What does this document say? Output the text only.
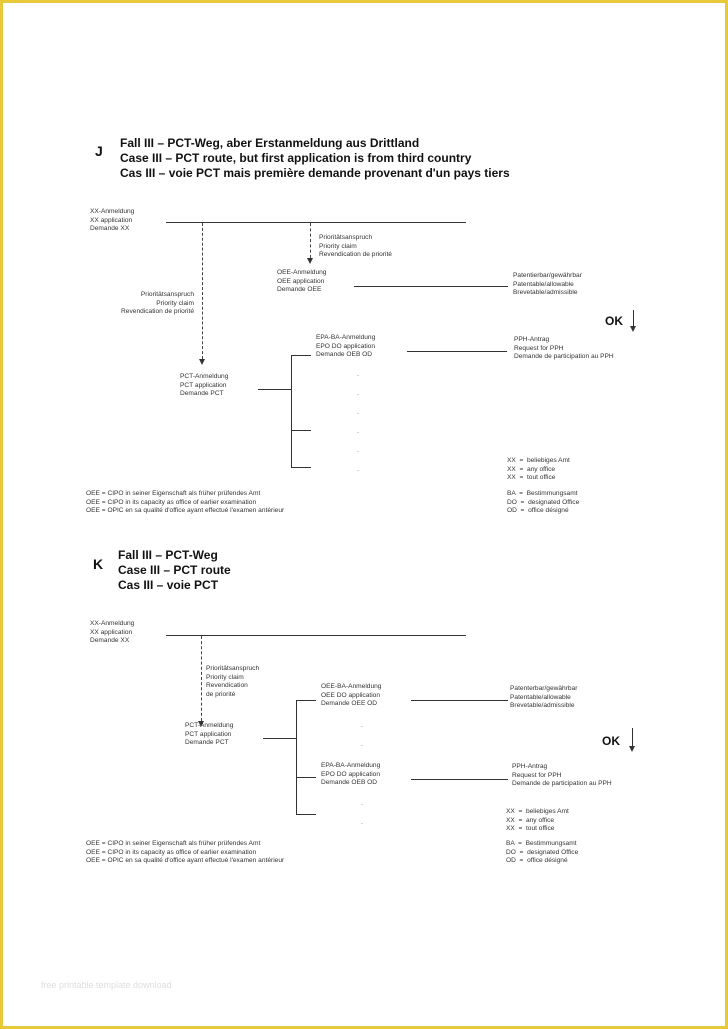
J Fall III – PCT-Weg, aber Erstanmeldung aus Drittland
Case III – PCT route, but first application is from third country
Cas III – voie PCT mais première demande provenant d'un pays tiers
XX-Anmeldung
XX application
Demande XX
Prioritätsanspruch
Priority claim
Revendication de priorité
OEE-Anmeldung
OEE application
Demande OEE
Patentierbar/gewährbar
Patentable/allowable
Brevetable/admissible
OK
Prioritätsanspruch
Priority claim
Revendication de priorité
EPA-BA-Anmeldung
EPO DO application
Demande OEB OD
PPH-Antrag
Request for PPH
Demande de participation au PPH
PCT-Anmeldung
PCT application
Demande PCT
.
.
.
.
.
.
XX  =  beliebiges Amt
XX  =  any office
XX  =  tout office
OEE = CIPO in seiner Eigenschaft als früher prüfendes Amt
OEE = CIPO in its capacity as office of earlier examination
OEE = OPIC en sa qualité d'office ayant effectué l'examen antérieur
BA  =  Bestimmungsamt
DO  =  designated Office
OD  =  office désigné
K
Fall III – PCT-Weg
Case III – PCT route
Cas III – voie PCT
XX-Anmeldung
XX application
Demande XX
Prioritätsanspruch
Priority claim
Revendication
de priorité
PCT-Anmeldung
PCT application
Demande PCT
OEE-BA-Anmeldung
OEE DO application
Demande OEE OD
Patenterbar/gewährbar
Patentable/allowable
Brevetable/admissible
OK
.
.
EPA-BA-Anmeldung
EPO DO application
Demande OEB OD
PPH-Antrag
Request for PPH
Demande de participation au PPH
.
.
XX  =  beliebiges Amt
XX  =  any office
XX  =  tout office
OEE = CIPO in seiner Eigenschaft als früher prüfendes Amt
OEE = CIPO in its capacity as office of earlier examination
OEE = OPIC en sa qualité d'office ayant effectué l'examen antérieur
BA  =  Bestimmungsamt
DO  =  designated Office
OD  =  office désigné
free printable template download
